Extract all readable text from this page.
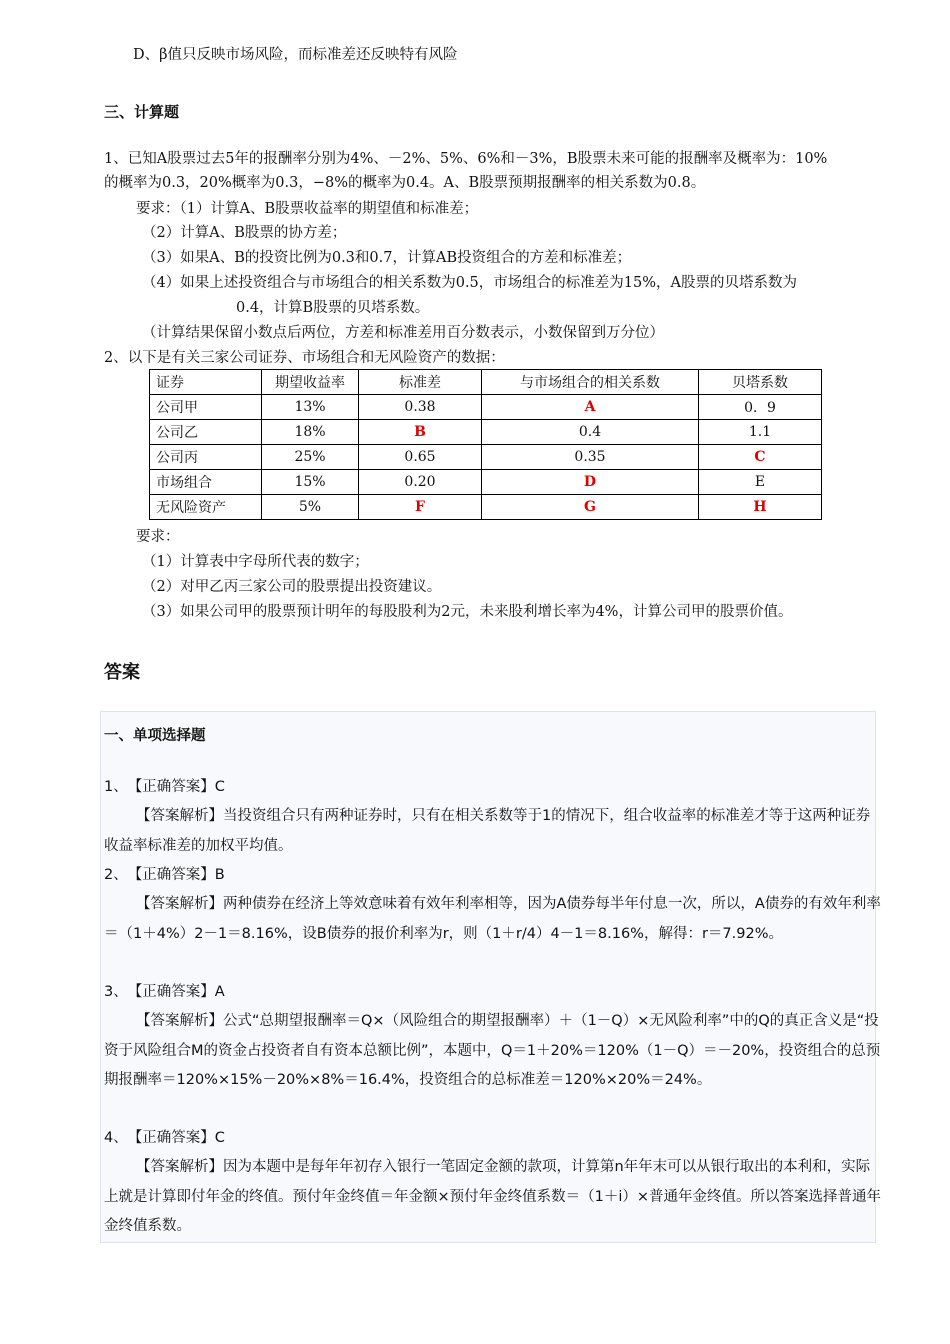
D、β值只反映市场风险，而标准差还反映特有风险
三、计算题
1、已知A股票过去5年的报酬率分别为4%、－2%、5%、6%和－3%，B股票未来可能的报酬率及概率为：10%
的概率为0.3，20%概率为0.3，−8%的概率为0.4。A、B股票预期报酬率的相关系数为0.8。
要求：（1）计算A、B股票收益率的期望值和标准差；
（2）计算A、B股票的协方差；
（3）如果A、B的投资比例为0.3和0.7，计算AB投资组合的方差和标准差；
（4）如果上述投资组合与市场组合的相关系数为0.5，市场组合的标准差为15%，A股票的贝塔系数为
0.4，计算B股票的贝塔系数。
（计算结果保留小数点后两位，方差和标准差用百分数表示，小数保留到万分位）
2、以下是有关三家公司证券、市场组合和无风险资产的数据：
证券	期望收益率	标准差	与市场组合的相关系数	贝塔系数
公司甲	13%	0.38	A	0．9
公司乙	18%	B	0.4	1.1
公司丙	25%	0.65	0.35	C
市场组合	15%	0.20	D	E
无风险资产	5%	F	G	H
要求：
（1）计算表中字母所代表的数字；
（2）对甲乙丙三家公司的股票提出投资建议。
（3）如果公司甲的股票预计明年的每股股利为2元，未来股利增长率为4%，计算公司甲的股票价值。
答案
一、单项选择题
1、　【正确答案】C
【答案解析】当投资组合只有两种证券时，只有在相关系数等于1的情况下，组合收益率的标准差才等于这两种证券收益率标准差的加权平均值。
2、　【正确答案】B
【答案解析】两种债券在经济上等效意味着有效年利率相等，因为A债券每半年付息一次，所以，A债券的有效年利率＝（1＋4%）2－1＝8.16%，设B债券的报价利率为r，则（1＋r/4）4－1＝8.16%，解得：r＝7.92%。
3、　【正确答案】A
【答案解析】公式“总期望报酬率＝Q×（风险组合的期望报酬率）＋（1－Q）×无风险利率”中的Q的真正含义是“投资于风险组合M的资金占投资者自有资本总额比例”，本题中，Q＝1＋20%＝120%（1－Q）＝－20%，投资组合的总预期报酬率＝120%×15%－20%×8%＝16.4%，投资组合的总标准差＝120%×20%＝24%。
4、　【正确答案】C
【答案解析】因为本题中是每年年初存入银行一笔固定金额的款项，计算第n年年末可以从银行取出的本利和，实际上就是计算即付年金的终值。预付年金终值＝年金额×预付年金终值系数＝（1＋i）×普通年金终值。所以答案选择普通年金终值系数。
